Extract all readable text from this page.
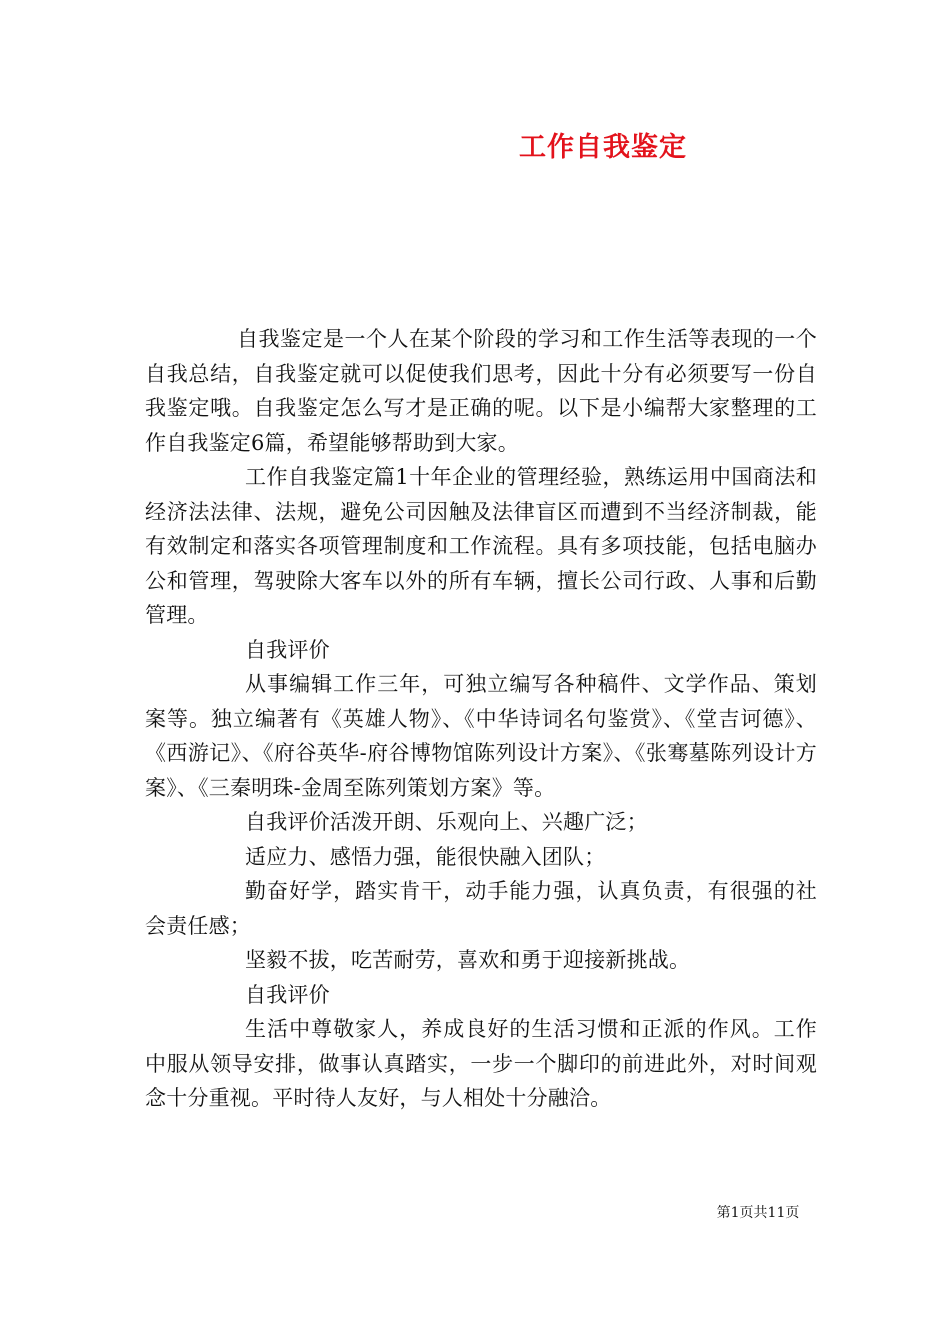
工作自我鉴定

自我鉴定是一个人在某个阶段的学习和工作生活等表现的一个自我总结，自我鉴定就可以促使我们思考，因此十分有必须要写一份自我鉴定哦。自我鉴定怎么写才是正确的呢。以下是小编帮大家整理的工作自我鉴定6篇，希望能够帮助到大家。

工作自我鉴定篇1十年企业的管理经验，熟练运用中国商法和经济法法律、法规，避免公司因触及法律盲区而遭到不当经济制裁，能有效制定和落实各项管理制度和工作流程。具有多项技能，包括电脑办公和管理，驾驶除大客车以外的所有车辆，擅长公司行政、人事和后勤管理。

自我评价

从事编辑工作三年，可独立编写各种稿件、文学作品、策划案等。独立编著有《英雄人物》、《中华诗词名句鉴赏》、《堂吉诃德》、《西游记》、《府谷英华-府谷博物馆陈列设计方案》、《张骞墓陈列设计方案》、《三秦明珠-金周至陈列策划方案》等。

自我评价活泼开朗、乐观向上、兴趣广泛；

适应力、感悟力强，能很快融入团队；

勤奋好学，踏实肯干，动手能力强，认真负责，有很强的社会责任感；

坚毅不拔，吃苦耐劳，喜欢和勇于迎接新挑战。

自我评价

生活中尊敬家人，养成良好的生活习惯和正派的作风。工作中服从领导安排，做事认真踏实，一步一个脚印的前进此外，对时间观念十分重视。平时待人友好，与人相处十分融洽。

第1页共11页
